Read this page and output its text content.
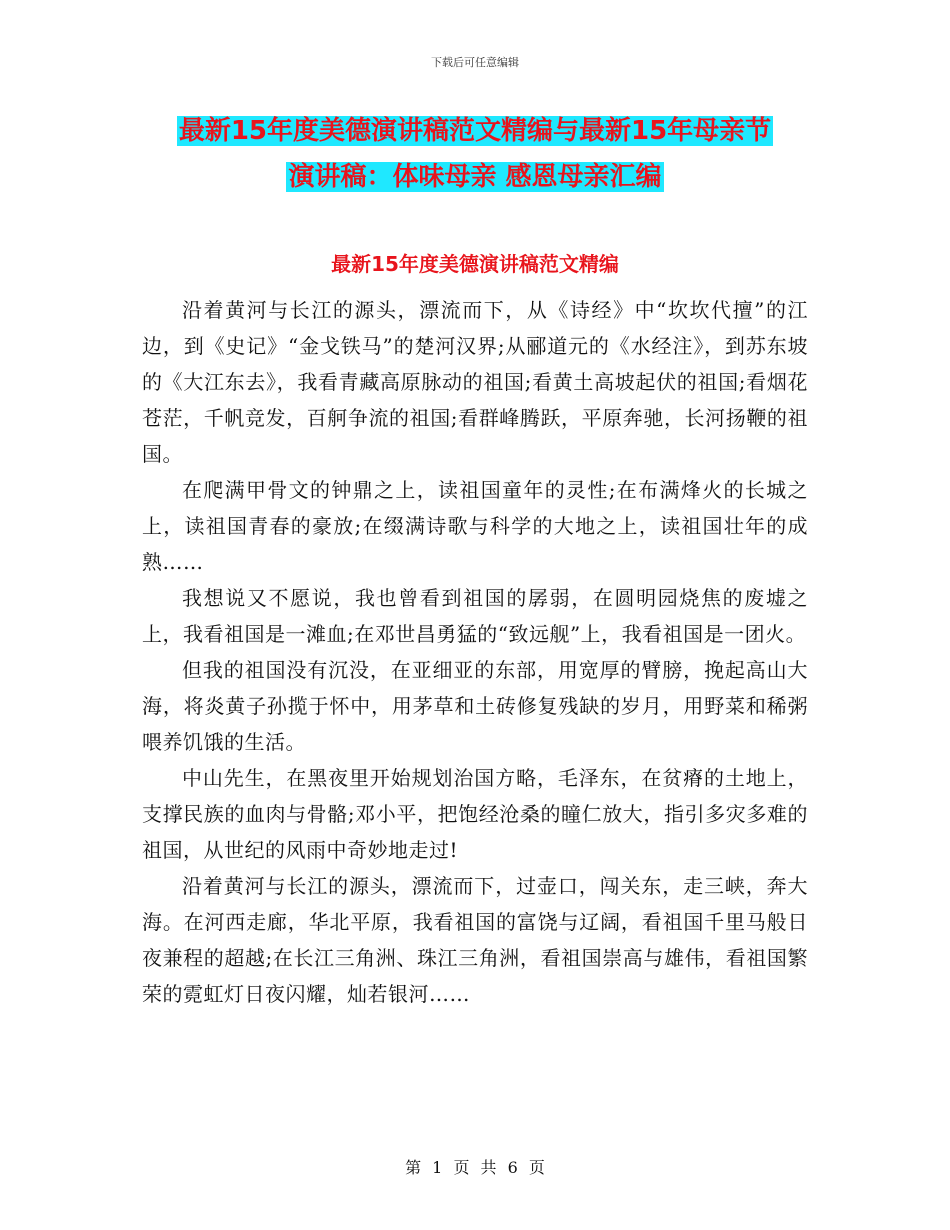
下载后可任意编辑
最新15年度美德演讲稿范文精编与最新15年母亲节
演讲稿：体味母亲 感恩母亲汇编
最新15年度美德演讲稿范文精编

沿着黄河与长江的源头，漂流而下，从《诗经》中“坎坎代擅”的江边，到《史记》“金戈铁马”的楚河汉界;从郦道元的《水经注》，到苏东坡的《大江东去》，我看青藏高原脉动的祖国;看黄土高坡起伏的祖国;看烟花苍茫，千帆竞发，百舸争流的祖国;看群峰腾跃，平原奔驰，长河扬鞭的祖国。

在爬满甲骨文的钟鼎之上，读祖国童年的灵性;在布满烽火的长城之上，读祖国青春的豪放;在缀满诗歌与科学的大地之上，读祖国壮年的成熟……

我想说又不愿说，我也曾看到祖国的孱弱，在圆明园烧焦的废墟之上，我看祖国是一滩血;在邓世昌勇猛的“致远舰”上，我看祖国是一团火。

但我的祖国没有沉没，在亚细亚的东部，用宽厚的臂膀，挽起高山大海，将炎黄子孙揽于怀中，用茅草和土砖修复残缺的岁月，用野菜和稀粥喂养饥饿的生活。

中山先生，在黑夜里开始规划治国方略，毛泽东，在贫瘠的土地上，支撑民族的血肉与骨骼;邓小平，把饱经沧桑的瞳仁放大，指引多灾多难的祖国，从世纪的风雨中奇妙地走过!

沿着黄河与长江的源头，漂流而下，过壶口，闯关东，走三峡，奔大海。在河西走廊，华北平原，我看祖国的富饶与辽阔，看祖国千里马般日夜兼程的超越;在长江三角洲、珠江三角洲，看祖国崇高与雄伟，看祖国繁荣的霓虹灯日夜闪耀，灿若银河……

第 1 页 共 6 页
